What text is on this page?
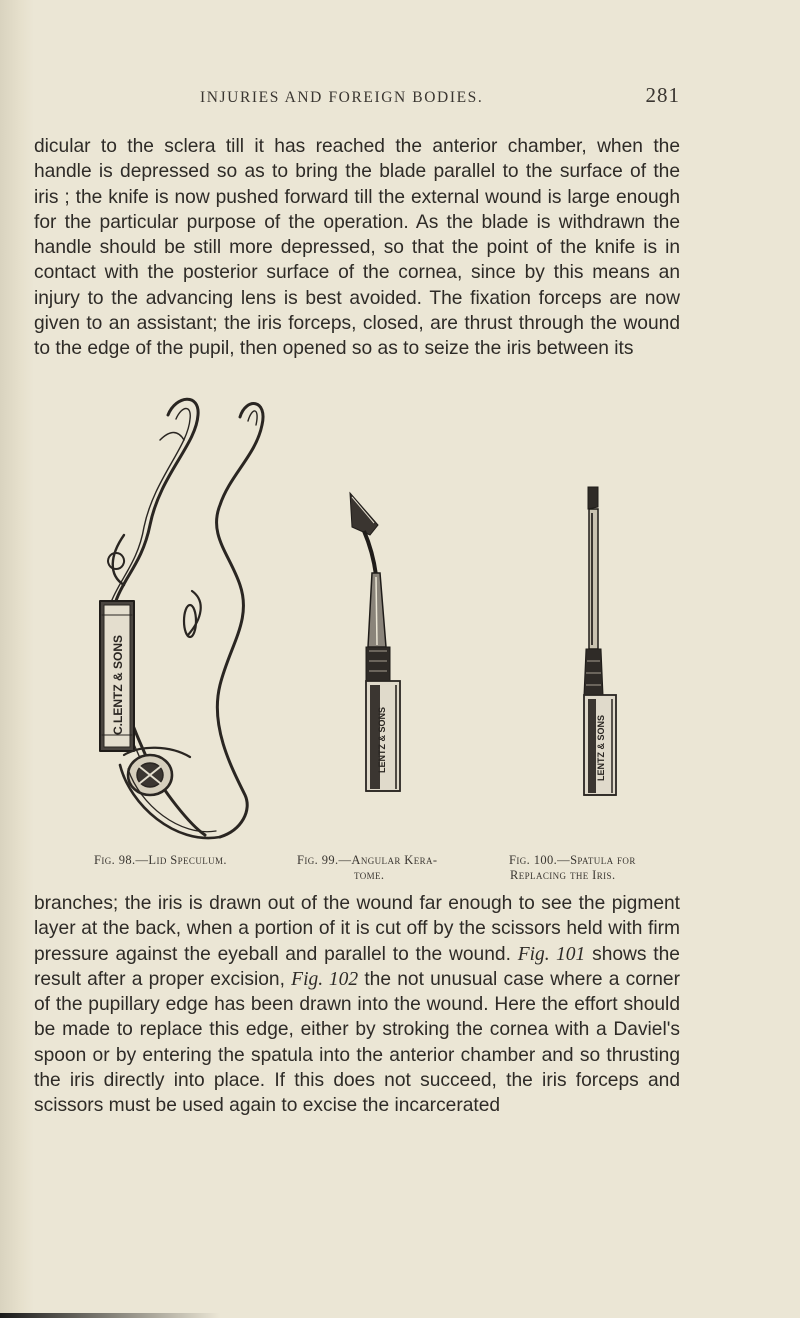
INJURIES AND FOREIGN BODIES.	281

dicular to the sclera till it has reached the anterior chamber, when the handle is depressed so as to bring the blade parallel to the surface of the iris ; the knife is now pushed forward till the external wound is large enough for the particular purpose of the operation. As the blade is withdrawn the handle should be still more depressed, so that the point of the knife is in contact with the posterior surface of the cornea, since by this means an injury to the advancing lens is best avoided. The fixation forceps are now given to an assistant; the iris forceps, closed, are thrust through the wound to the edge of the pupil, then opened so as to seize the iris between its

C.LENTZ & SONS
LENTZ & SONS	LENTZ & SONS
Fig. 98.—Lid Speculum.	Fig. 99.—Angular Kera-
tome.
Fig. 100.—Spatula for
Replacing the Iris.

branches; the iris is drawn out of the wound far enough to see the pigment layer at the back, when a portion of it is cut off by the scissors held with firm pressure against the eyeball and parallel to the wound. Fig. 101 shows the result after a proper excision, Fig. 102 the not unusual case where a corner of the pupillary edge has been drawn into the wound. Here the effort should be made to replace this edge, either by stroking the cornea with a Daviel's spoon or by entering the spatula into the anterior chamber and so thrusting the iris directly into place. If this does not succeed, the iris forceps and scissors must be used again to excise the incarcerated
